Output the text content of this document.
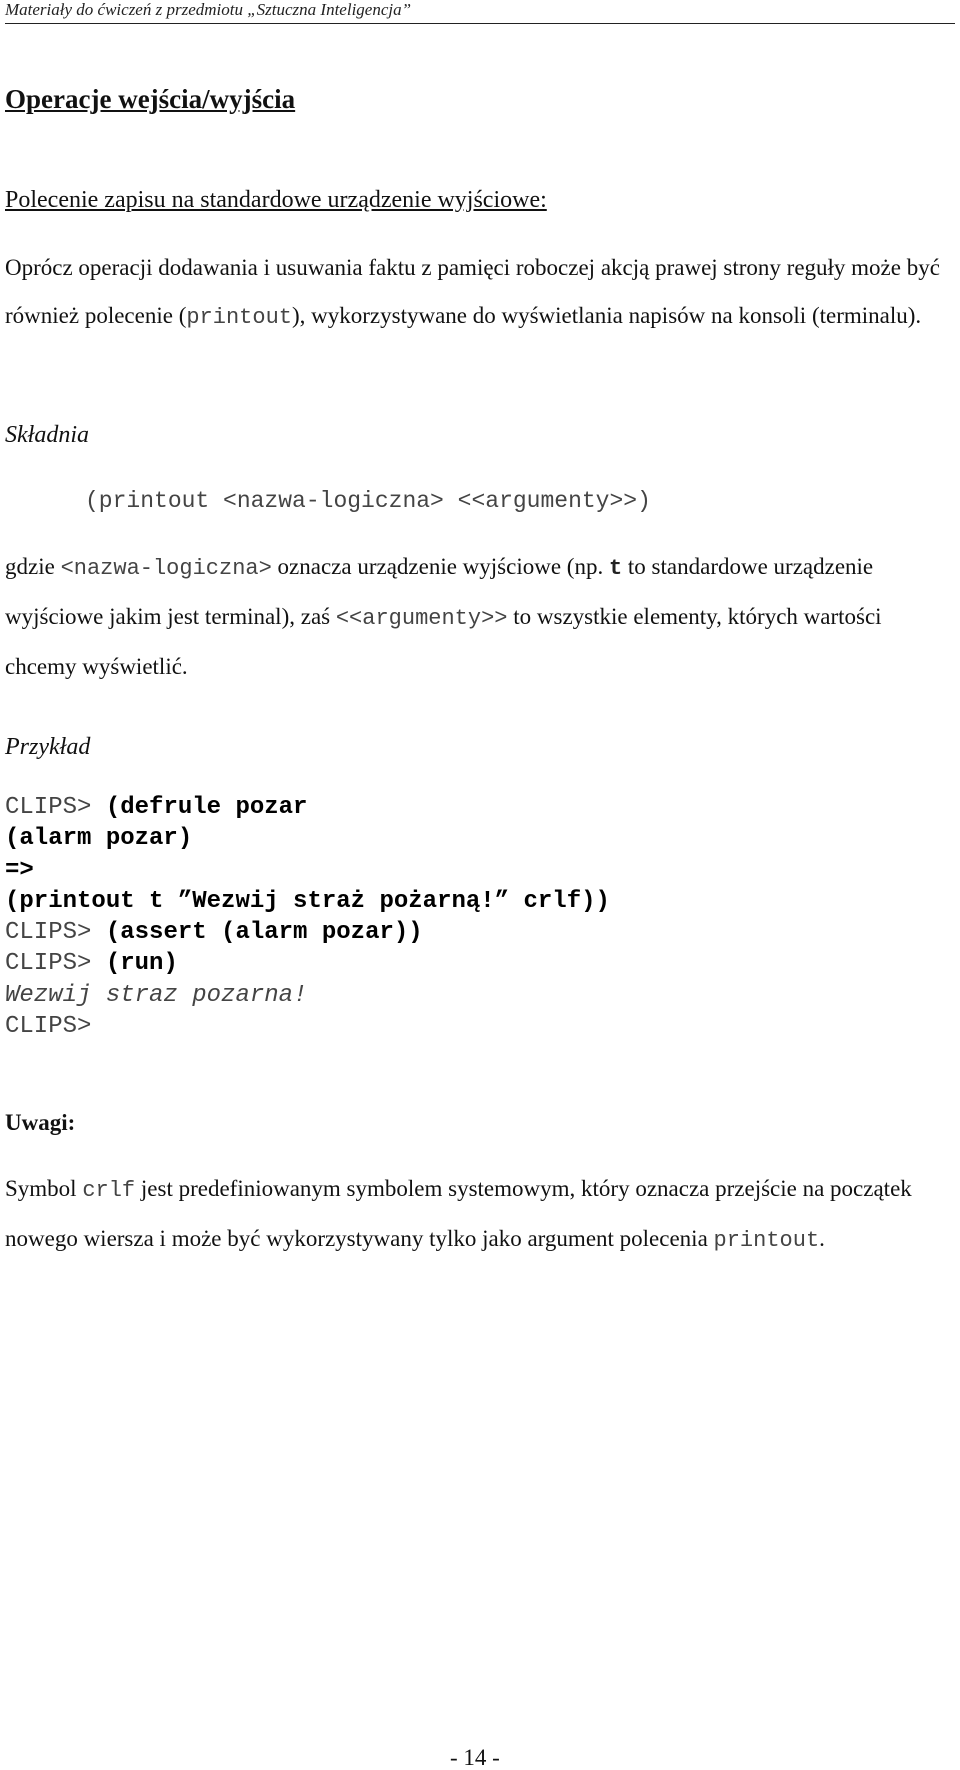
Materiały do ćwiczeń z przedmiotu „Sztuczna Inteligencja”
Operacje wejścia/wyjścia
Polecenie zapisu na standardowe urządzenie wyjściowe:
Oprócz operacji dodawania i usuwania faktu z pamięci roboczej akcją prawej strony reguły może być również polecenie (printout), wykorzystywane do wyświetlania napisów na konsoli (terminalu).
Składnia
(printout <nazwa-logiczna> <<argumenty>>)
gdzie <nazwa-logiczna> oznacza urządzenie wyjściowe (np. t to standardowe urządzenie wyjściowe jakim jest terminal), zaś <<argumenty>> to wszystkie elementy, których wartości chcemy wyświetlić.
Przykład
CLIPS> (defrule pozar
(alarm pozar)
=>
(printout t ”Wezwij straż pożarną!” crlf))
CLIPS> (assert (alarm pozar))
CLIPS> (run)
Wezwij straz pozarna!
CLIPS>
Uwagi:
Symbol crlf jest predefiniowanym symbolem systemowym, który oznacza przejście na początek nowego wiersza i może być wykorzystywany tylko jako argument polecenia printout.
- 14 -
